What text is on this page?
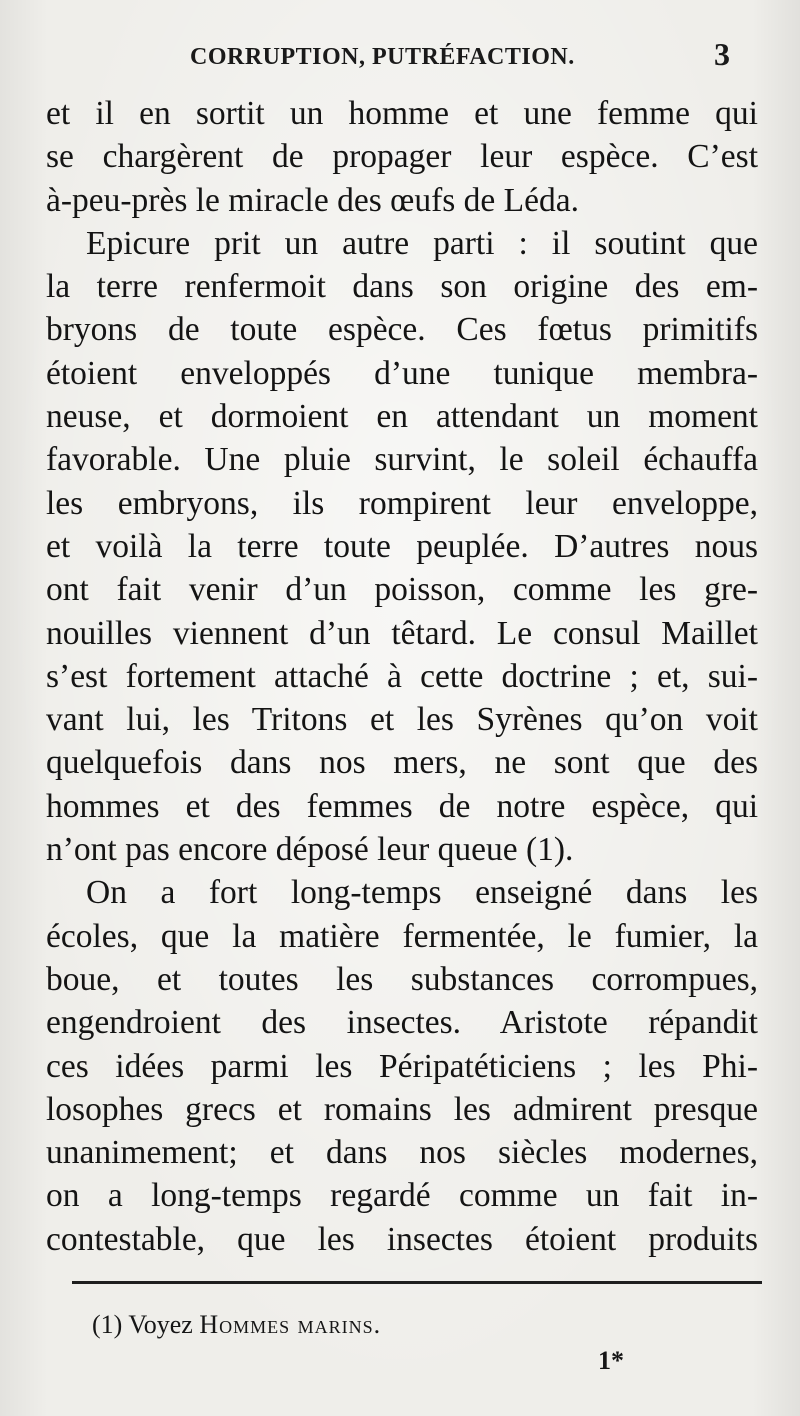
CORRUPTION, PUTRÉFACTION.	3
et il en sortit un homme et une femme qui
se chargèrent de propager leur espèce. C’est
à-peu-près le miracle des œufs de Léda.
Epicure prit un autre parti : il soutint que
la terre renfermoit dans son origine des em-
bryons de toute espèce. Ces fœtus primitifs
étoient enveloppés d’une tunique membra-
neuse, et dormoient en attendant un moment
favorable. Une pluie survint, le soleil échauffa
les embryons, ils rompirent leur enveloppe,
et voilà la terre toute peuplée. D’autres nous
ont fait venir d’un poisson, comme les gre-
nouilles viennent d’un têtard. Le consul Maillet
s’est fortement attaché à cette doctrine ; et, sui-
vant lui, les Tritons et les Syrènes qu’on voit
quelquefois dans nos mers, ne sont que des
hommes et des femmes de notre espèce, qui
n’ont pas encore déposé leur queue (1).
On a fort long-temps enseigné dans les
écoles, que la matière fermentée, le fumier, la
boue, et toutes les substances corrompues,
engendroient des insectes. Aristote répandit
ces idées parmi les Péripatéticiens ; les Phi-
losophes grecs et romains les admirent presque
unanimement; et dans nos siècles modernes,
on a long-temps regardé comme un fait in-
contestable, que les insectes étoient produits
(1) Voyez Hommes marins.
1*
